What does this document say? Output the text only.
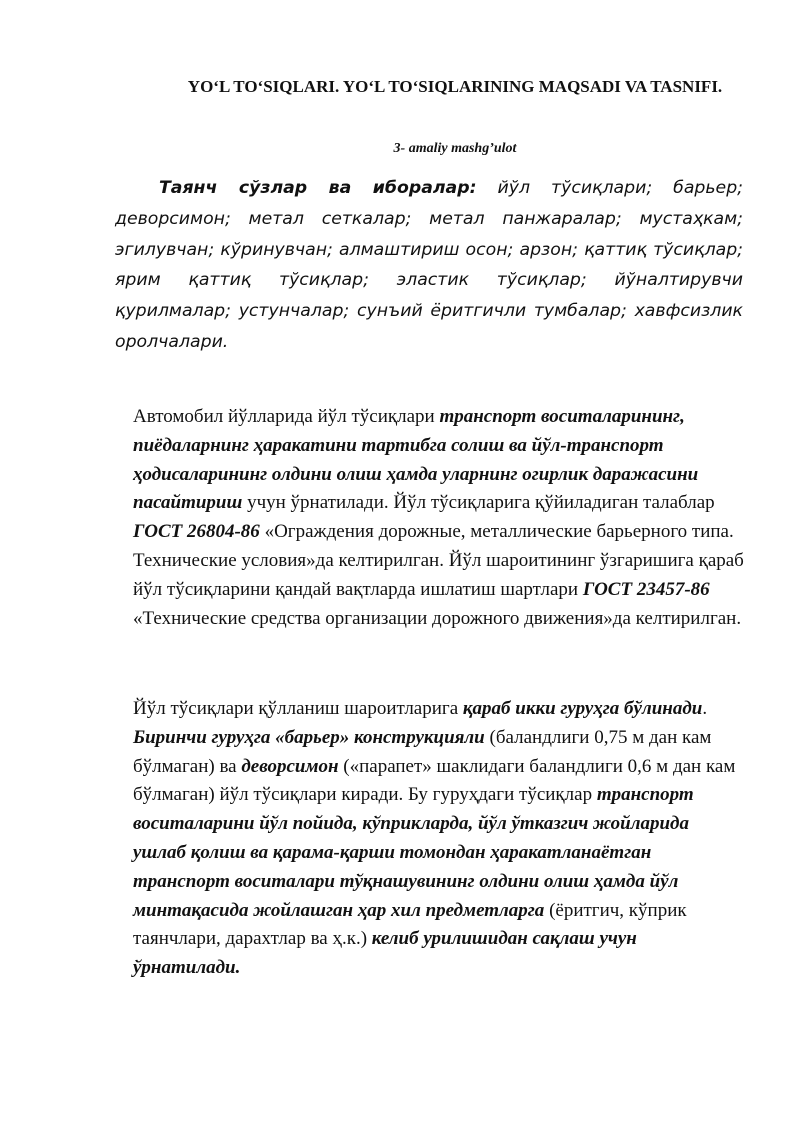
YO‘L TO‘SIQLARI. YO‘L TO‘SIQLARINING MAQSADI VA TASNIFI.
3- amaliy mashg’ulot
Таянч сўзлар ва иборалар: йўл тўсиқлари; барьер; деворсимон; метал сеткалар; метал панжаралар; мустаҳкам; эгилувчан; кўринувчан; алмаштириш осон; арзон; қаттиқ тўсиқлар; ярим қаттиқ тўсиқлар; эластик тўсиқлар; йўналтирувчи қурилмалар; устунчалар; сунъий ёритгичли тумбалар; хавфсизлик оролчалари.

Автомобил йўлларида йўл тўсиқлари транспорт воситаларининг, пиёдаларнинг ҳаракатини тартибга солиш ва йўл-транспорт ҳодисаларининг олдини олиш ҳамда уларнинг огирлик даражасини пасайтириш учун ўрнатилади. Йўл тўсиқларига қўйиладиган талаблар ГОСТ 26804-86 «Ограждения дорожные, металлические барьерного типа. Технические условия»да келтирилган. Йўл шароитининг ўзгаришига қараб йўл тўсиқларини қандай вақтларда ишлатиш шартлари ГОСТ 23457-86 «Технические средства организации дорожного движения»да келтирилган.

Йўл тўсиқлари қўлланиш шароитларига қараб икки гуруҳга бўлинади. Биринчи гуруҳга «барьер» конструкцияли (баландлиги 0,75 м дан кам бўлмаган) ва деворсимон («парапет» шаклидаги баландлиги 0,6 м дан кам бўлмаган) йўл тўсиқлари киради. Бу гуруҳдаги тўсиқлар транспорт воситаларини йўл пойида, кўприкларда, йўл ўтказгич жойларида ушлаб қолиш ва қарама-қарши томондан ҳаракатланаётган транспорт воситалари тўқнашувининг олдини олиш ҳамда йўл минтақасида жойлашган ҳар хил предметларга (ёритгич, кўприк таянчлари, дарахтлар ва ҳ.к.) келиб урилишидан сақлаш учун ўрнатилади.
